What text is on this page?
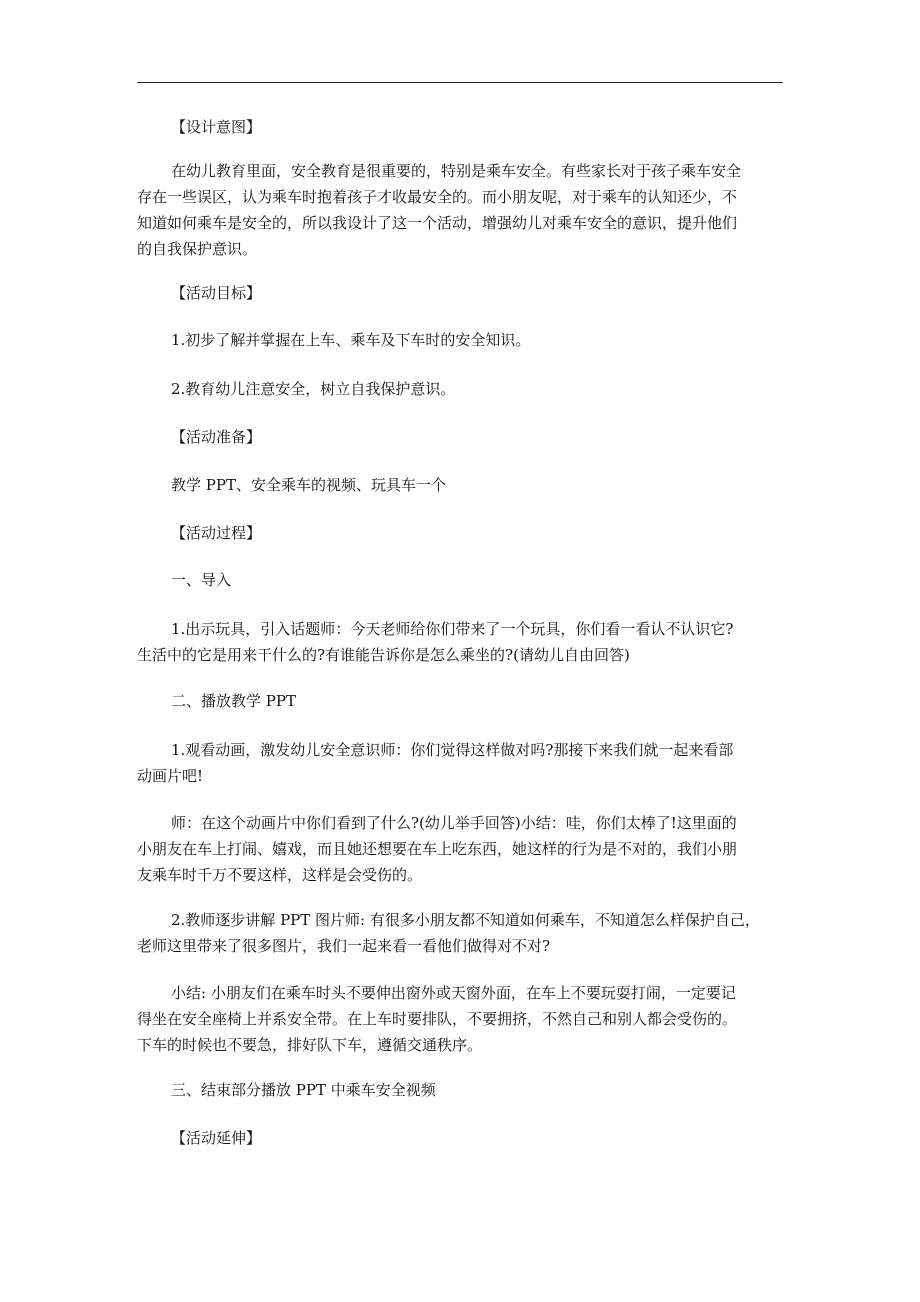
【设计意图】
在幼儿教育里面，安全教育是很重要的，特别是乘车安全。有些家长对于孩子乘车安全
存在一些误区，认为乘车时抱着孩子才收最安全的。而小朋友呢，对于乘车的认知还少，不
知道如何乘车是安全的，所以我设计了这一个活动，增强幼儿对乘车安全的意识，提升他们
的自我保护意识。
【活动目标】
1.初步了解并掌握在上车、乘车及下车时的安全知识。
2.教育幼儿注意安全，树立自我保护意识。
【活动准备】
教学 PPT、安全乘车的视频、玩具车一个
【活动过程】
一、导入
1.出示玩具，引入话题师：今天老师给你们带来了一个玩具，你们看一看认不认识它?
生活中的它是用来干什么的?有谁能告诉你是怎么乘坐的?(请幼儿自由回答)
二、播放教学 PPT
1.观看动画，激发幼儿安全意识师：你们觉得这样做对吗?那接下来我们就一起来看部
动画片吧!
师：在这个动画片中你们看到了什么?(幼儿举手回答)小结：哇，你们太棒了!这里面的
小朋友在车上打闹、嬉戏，而且她还想要在车上吃东西，她这样的行为是不对的，我们小朋
友乘车时千万不要这样，这样是会受伤的。
2.教师逐步讲解 PPT 图片师: 有很多小朋友都不知道如何乘车，不知道怎么样保护自己，
老师这里带来了很多图片，我们一起来看一看他们做得对不对?
小结: 小朋友们在乘车时头不要伸出窗外或天窗外面，在车上不要玩耍打闹，一定要记
得坐在安全座椅上并系安全带。在上车时要排队，不要拥挤，不然自己和别人都会受伤的。
下车的时候也不要急，排好队下车，遵循交通秩序。
三、结束部分播放 PPT 中乘车安全视频
【活动延伸】
